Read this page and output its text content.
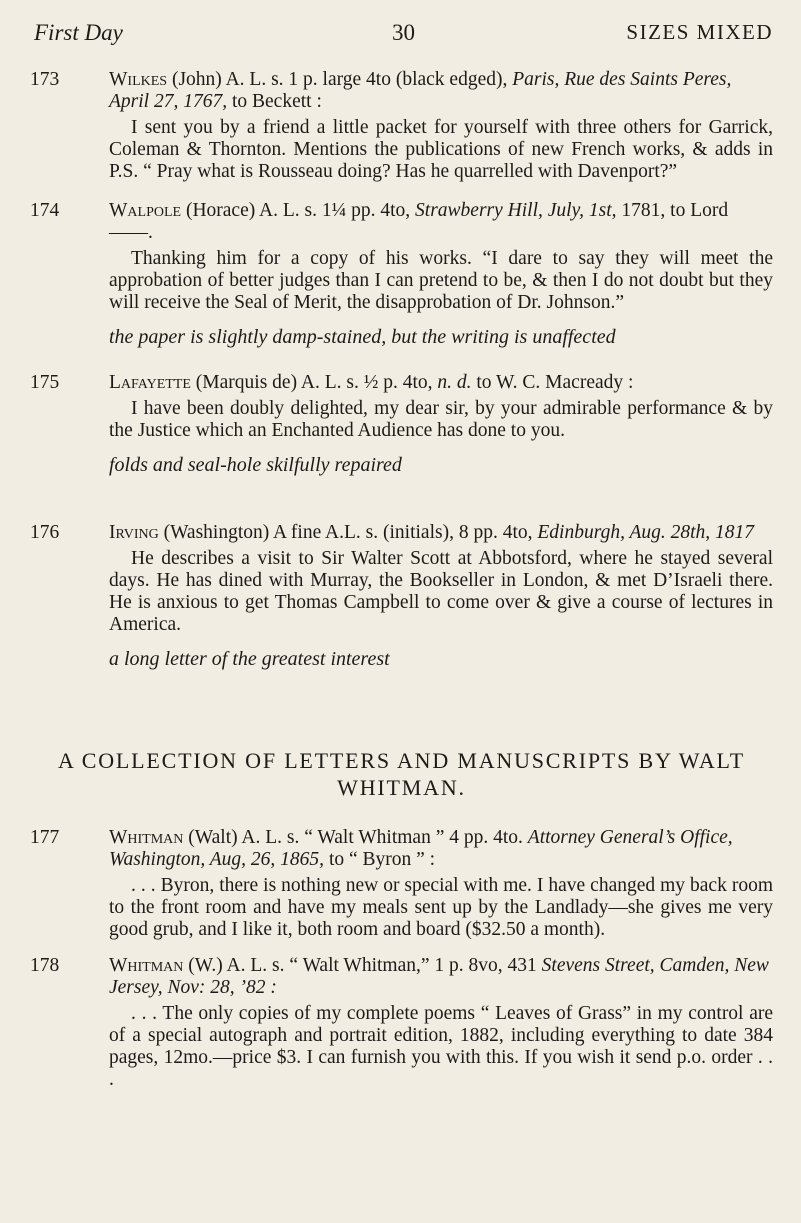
First Day	30	SIZES MIXED
173	Wilkes (John) A. L. s. 1 p. large 4to (black edged), Paris, Rue des Saints Peres, April 27, 1767, to Beckett :
I sent you by a friend a little packet for yourself with three others for Garrick, Coleman & Thornton. Mentions the publications of new French works, & adds in P.S. “ Pray what is Rousseau doing? Has he quarrelled with Davenport?”
174	Walpole (Horace) A. L. s. 1¼ pp. 4to, Strawberry Hill, July, 1st, 1781, to Lord ——.
Thanking him for a copy of his works. “I dare to say they will meet the approbation of better judges than I can pretend to be, & then I do not doubt but they will receive the Seal of Merit, the disapprobation of Dr. Johnson.”
the paper is slightly damp-stained, but the writing is unaffected
175	Lafayette (Marquis de) A. L. s. ½ p. 4to, n. d. to W. C. Macready :
I have been doubly delighted, my dear sir, by your admirable performance & by the Justice which an Enchanted Audience has done to you.
folds and seal-hole skilfully repaired
176	Irving (Washington) A fine A.L. s. (initials), 8 pp. 4to, Edinburgh, Aug. 28th, 1817
He describes a visit to Sir Walter Scott at Abbotsford, where he stayed several days. He has dined with Murray, the Bookseller in London, & met D’Israeli there. He is anxious to get Thomas Campbell to come over & give a course of lectures in America.
a long letter of the greatest interest
A COLLECTION OF LETTERS AND MANUSCRIPTS BY WALT WHITMAN.
177	Whitman (Walt) A. L. s. “ Walt Whitman ” 4 pp. 4to. Attorney General’s Office, Washington, Aug, 26, 1865, to “ Byron ” :
. . . Byron, there is nothing new or special with me. I have changed my back room to the front room and have my meals sent up by the Landlady—she gives me very good grub, and I like it, both room and board ($32.50 a month).
178	Whitman (W.) A. L. s. “ Walt Whitman,” 1 p. 8vo, 431 Stevens Street, Camden, New Jersey, Nov: 28, ’82 :
. . . The only copies of my complete poems “ Leaves of Grass” in my control are of a special autograph and portrait edition, 1882, including everything to date 384 pages, 12mo.—price $3. I can furnish you with this. If you wish it send p.o. order . . .
